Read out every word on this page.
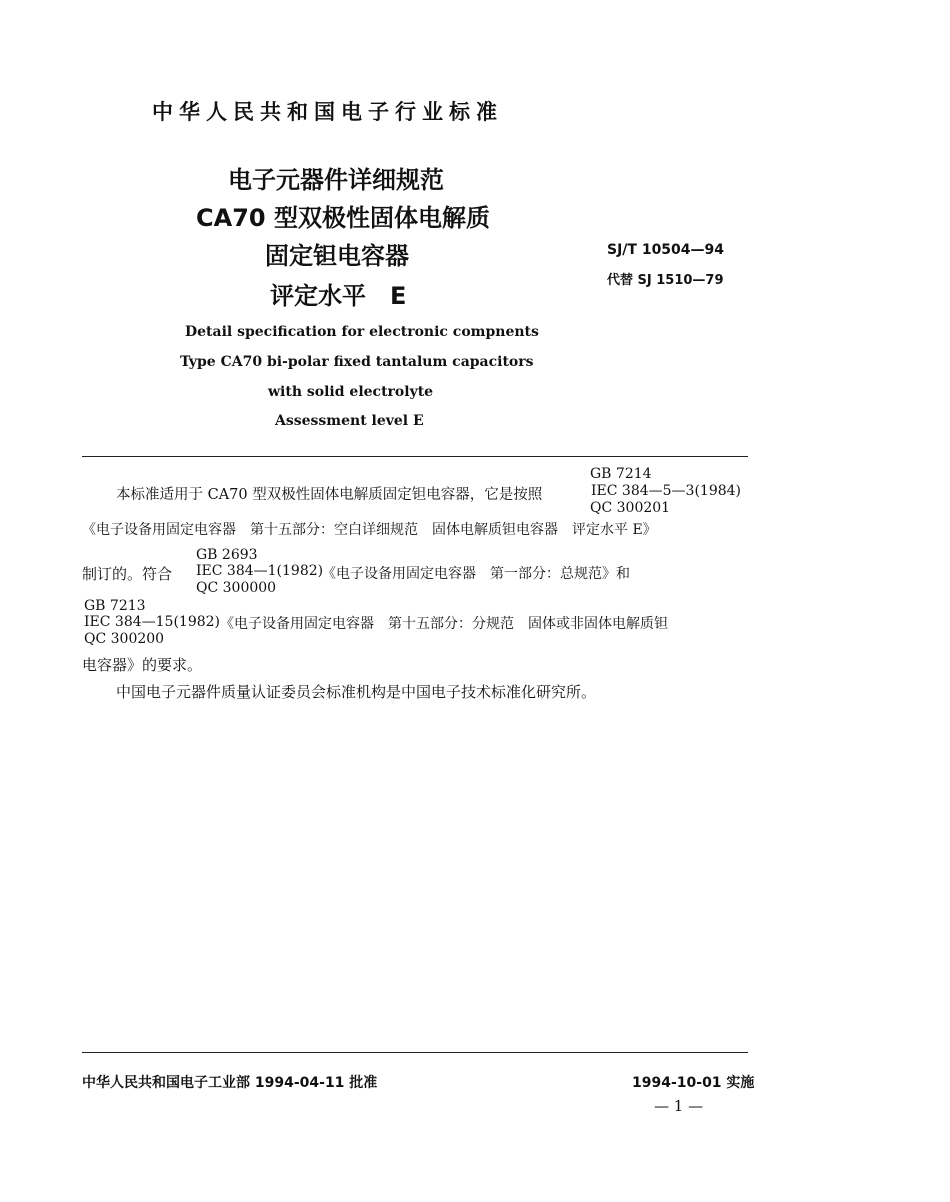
中华人民共和国电子行业标准
电子元器件详细规范
CA70 型双极性固体电解质
固定钽电容器
评定水平　E
SJ/T 10504—94
代替 SJ 1510—79
Detail specification for electronic compnents
Type CA70 bi-polar fixed tantalum capacitors
with solid electrolyte
Assessment level E
GB 7214
本标准适用于 CA70 型双极性固体电解质固定钽电容器，它是按照	IEC 384—5—3(1984)
QC 300201
《电子设备用固定电容器　第十五部分：空白详细规范　固体电解质钽电容器　评定水平 E》
GB 2693
制订的。符合 IEC 384—1(1982)
《电子设备用固定电容器　第一部分：总规范》和
QC 300000
GB 7213
IEC 384—15(1982) 《电子设备用固定电容器　第十五部分：分规范　固体或非固体电解质钽
QC 300200
电容器》的要求。
中国电子元器件质量认证委员会标准机构是中国电子技术标准化研究所。
中华人民共和国电子工业部 1994-04-11 批准	1994-10-01 实施
— 1 —
